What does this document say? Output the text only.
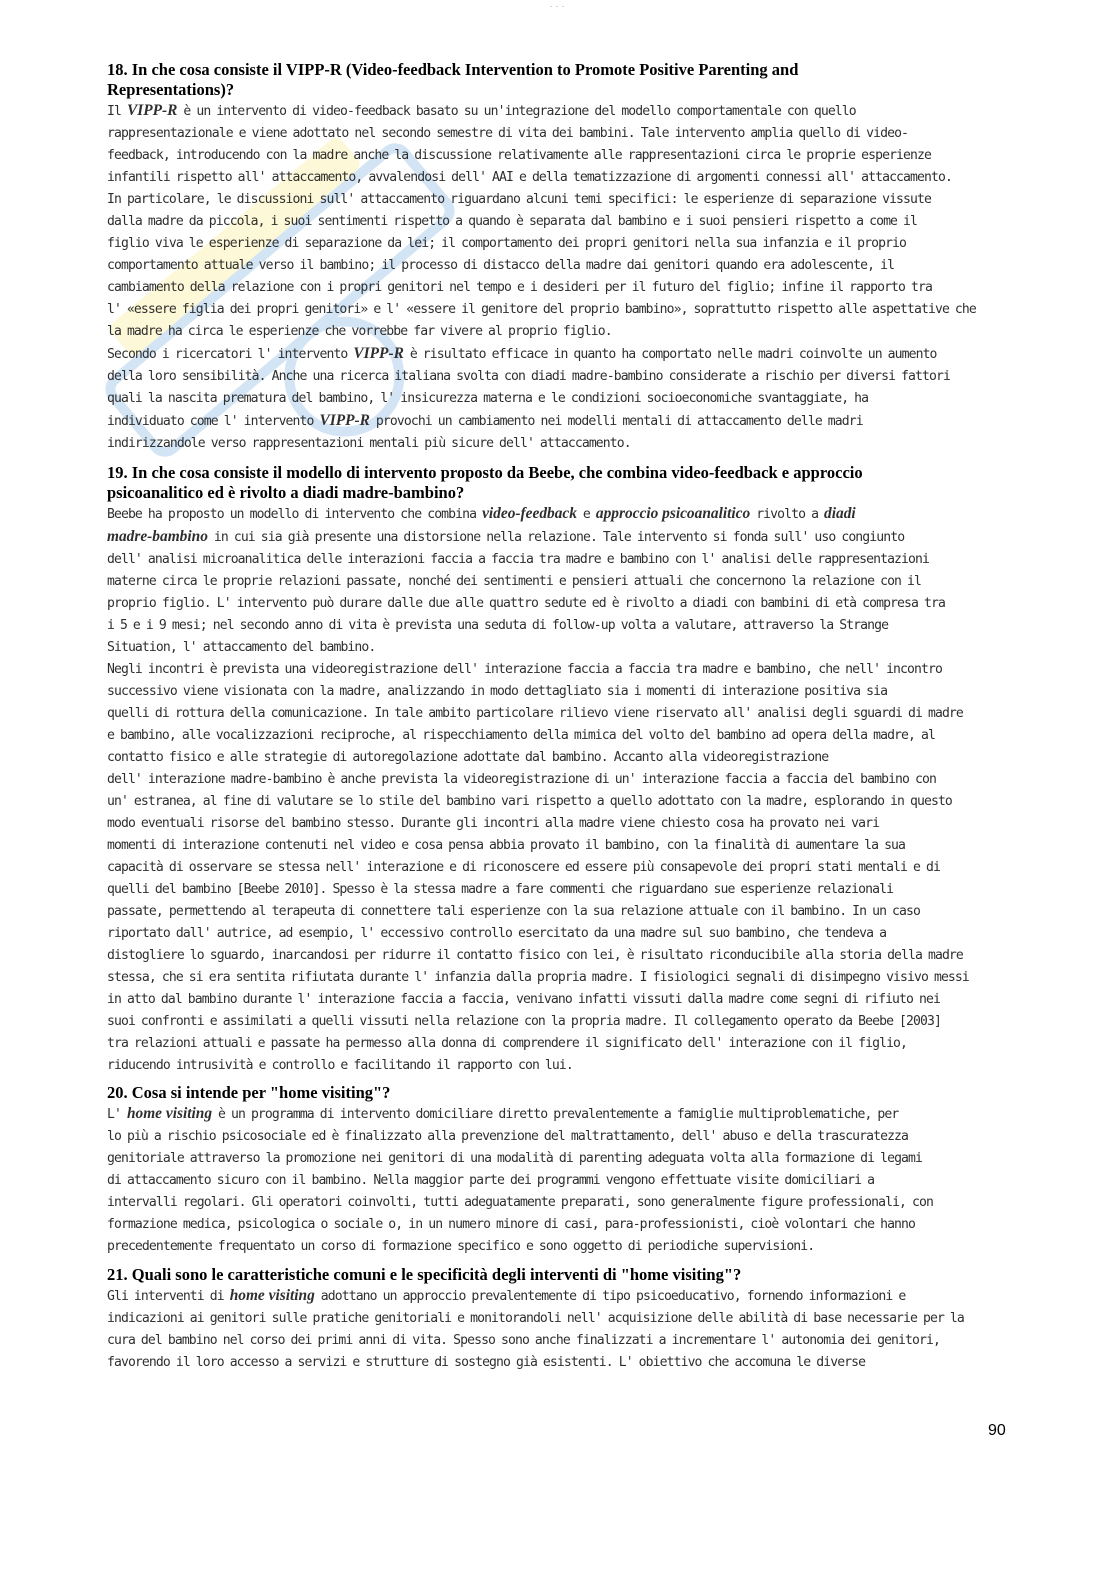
・・・
18. In che cosa consiste il VIPP-R (Video-feedback Intervention to Promote Positive Parenting and
Representations)?
Il VIPP-R è un intervento di video-feedback basato su un'integrazione del modello comportamentale con quello
rappresentazionale e viene adottato nel secondo semestre di vita dei bambini. Tale intervento amplia quello di video-
feedback, introducendo con la madre anche la discussione relativamente alle rappresentazioni circa le proprie esperienze
infantili rispetto all' attaccamento, avvalendosi dell' AAI e della tematizzazione di argomenti connessi all' attaccamento.
In particolare, le discussioni sull' attaccamento riguardano alcuni temi specifici: le esperienze di separazione vissute
dalla madre da piccola, i suoi sentimenti rispetto a quando è separata dal bambino e i suoi pensieri rispetto a come il
figlio viva le esperienze di separazione da lei; il comportamento dei propri genitori nella sua infanzia e il proprio
comportamento attuale verso il bambino; il processo di distacco della madre dai genitori quando era adolescente, il
cambiamento della relazione con i propri genitori nel tempo e i desideri per il futuro del figlio; infine il rapporto tra
l' «essere figlia dei propri genitori» e l' «essere il genitore del proprio bambino», soprattutto rispetto alle aspettative che
la madre ha circa le esperienze che vorrebbe far vivere al proprio figlio.
Secondo i ricercatori l' intervento VIPP-R è risultato efficace in quanto ha comportato nelle madri coinvolte un aumento
della loro sensibilità. Anche una ricerca italiana svolta con diadi madre-bambino considerate a rischio per diversi fattori
quali la nascita prematura del bambino, l' insicurezza materna e le condizioni socioeconomiche svantaggiate, ha
individuato come l' intervento VIPP-R provochi un cambiamento nei modelli mentali di attaccamento delle madri
indirizzandole verso rappresentazioni mentali più sicure dell' attaccamento.
19. In che cosa consiste il modello di intervento proposto da Beebe, che combina video-feedback e approccio
psicoanalitico ed è rivolto a diadi madre-bambino?
Beebe ha proposto un modello di intervento che combina video-feedback e approccio psicoanalitico rivolto a diadi
madre-bambino in cui sia già presente una distorsione nella relazione. Tale intervento si fonda sull' uso congiunto
dell' analisi microanalitica delle interazioni faccia a faccia tra madre e bambino con l' analisi delle rappresentazioni
materne circa le proprie relazioni passate, nonché dei sentimenti e pensieri attuali che concernono la relazione con il
proprio figlio. L' intervento può durare dalle due alle quattro sedute ed è rivolto a diadi con bambini di età compresa tra
i 5 e i 9 mesi; nel secondo anno di vita è prevista una seduta di follow-up volta a valutare, attraverso la Strange
Situation, l' attaccamento del bambino.
Negli incontri è prevista una videoregistrazione dell' interazione faccia a faccia tra madre e bambino, che nell' incontro
successivo viene visionata con la madre, analizzando in modo dettagliato sia i momenti di interazione positiva sia
quelli di rottura della comunicazione. In tale ambito particolare rilievo viene riservato all' analisi degli sguardi di madre
e bambino, alle vocalizzazioni reciproche, al rispecchiamento della mimica del volto del bambino ad opera della madre, al
contatto fisico e alle strategie di autoregolazione adottate dal bambino. Accanto alla videoregistrazione
dell' interazione madre-bambino è anche prevista la videoregistrazione di un' interazione faccia a faccia del bambino con
un' estranea, al fine di valutare se lo stile del bambino vari rispetto a quello adottato con la madre, esplorando in questo
modo eventuali risorse del bambino stesso. Durante gli incontri alla madre viene chiesto cosa ha provato nei vari
momenti di interazione contenuti nel video e cosa pensa abbia provato il bambino, con la finalità di aumentare la sua
capacità di osservare se stessa nell' interazione e di riconoscere ed essere più consapevole dei propri stati mentali e di
quelli del bambino [Beebe 2010]. Spesso è la stessa madre a fare commenti che riguardano sue esperienze relazionali
passate, permettendo al terapeuta di connettere tali esperienze con la sua relazione attuale con il bambino. In un caso
riportato dall' autrice, ad esempio, l' eccessivo controllo esercitato da una madre sul suo bambino, che tendeva a
distogliere lo sguardo, inarcandosi per ridurre il contatto fisico con lei, è risultato riconducibile alla storia della madre
stessa, che si era sentita rifiutata durante l' infanzia dalla propria madre. I fisiologici segnali di disimpegno visivo messi
in atto dal bambino durante l' interazione faccia a faccia, venivano infatti vissuti dalla madre come segni di rifiuto nei
suoi confronti e assimilati a quelli vissuti nella relazione con la propria madre. Il collegamento operato da Beebe [2003]
tra relazioni attuali e passate ha permesso alla donna di comprendere il significato dell' interazione con il figlio,
riducendo intrusività e controllo e facilitando il rapporto con lui.
20. Cosa si intende per "home visiting"?
L' home visiting è un programma di intervento domiciliare diretto prevalentemente a famiglie multiproblematiche, per
lo più a rischio psicosociale ed è finalizzato alla prevenzione del maltrattamento, dell' abuso e della trascuratezza
genitoriale attraverso la promozione nei genitori di una modalità di parenting adeguata volta alla formazione di legami
di attaccamento sicuro con il bambino. Nella maggior parte dei programmi vengono effettuate visite domiciliari a
intervalli regolari. Gli operatori coinvolti, tutti adeguatamente preparati, sono generalmente figure professionali, con
formazione medica, psicologica o sociale o, in un numero minore di casi, para-professionisti, cioè volontari che hanno
precedentemente frequentato un corso di formazione specifico e sono oggetto di periodiche supervisioni.
21. Quali sono le caratteristiche comuni e le specificità degli interventi di "home visiting"?
Gli interventi di home visiting adottano un approccio prevalentemente di tipo psicoeducativo, fornendo informazioni e
indicazioni ai genitori sulle pratiche genitoriali e monitorandoli nell' acquisizione delle abilità di base necessarie per la
cura del bambino nel corso dei primi anni di vita. Spesso sono anche finalizzati a incrementare l' autonomia dei genitori,
favorendo il loro accesso a servizi e strutture di sostegno già esistenti. L' obiettivo che accomuna le diverse
90
